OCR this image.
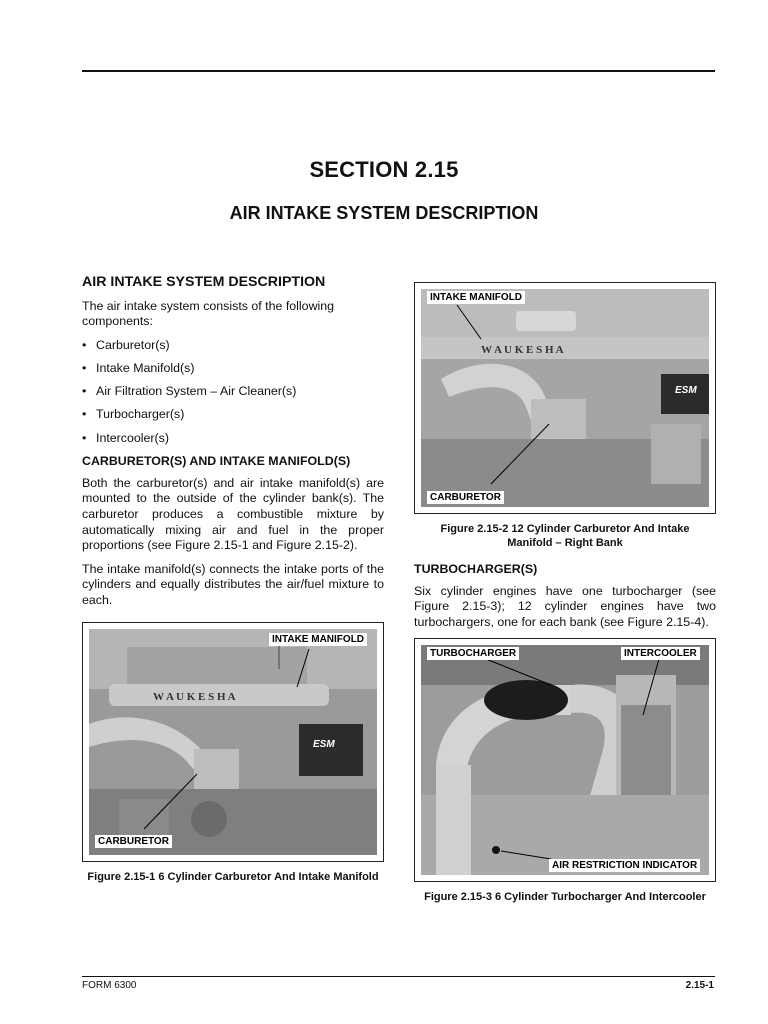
SECTION 2.15
AIR INTAKE SYSTEM DESCRIPTION
AIR INTAKE SYSTEM DESCRIPTION

The air intake system consists of the following components:

• Carburetor(s)
• Intake Manifold(s)
• Air Filtration System – Air Cleaner(s)
• Turbocharger(s)
• Intercooler(s)
CARBURETOR(S) AND INTAKE MANIFOLD(S)

Both the carburetor(s) and air intake manifold(s) are mounted to the outside of the cylinder bank(s). The carburetor produces a combustible mixture by automatically mixing air and fuel in the proper proportions (see Figure 2.15-1 and Figure 2.15-2).

The intake manifold(s) connects the intake ports of the cylinders and equally distributes the air/fuel mixture to each.

W A U K E S H A
ESM
INTAKE MANIFOLD
CARBURETOR
Figure 2.15-1 6 Cylinder Carburetor And Intake Manifold
W A U K E S H A
ESM
INTAKE MANIFOLD
CARBURETOR
Figure 2.15-2 12 Cylinder Carburetor And Intake Manifold – Right Bank
TURBOCHARGER(S)

Six cylinder engines have one turbocharger (see Figure 2.15-3); 12 cylinder engines have two turbochargers, one for each bank (see Figure 2.15-4).

TURBOCHARGER	INTERCOOLER
AIR RESTRICTION INDICATOR
Figure 2.15-3 6 Cylinder Turbocharger And Intercooler
FORM 6300	2.15-1
